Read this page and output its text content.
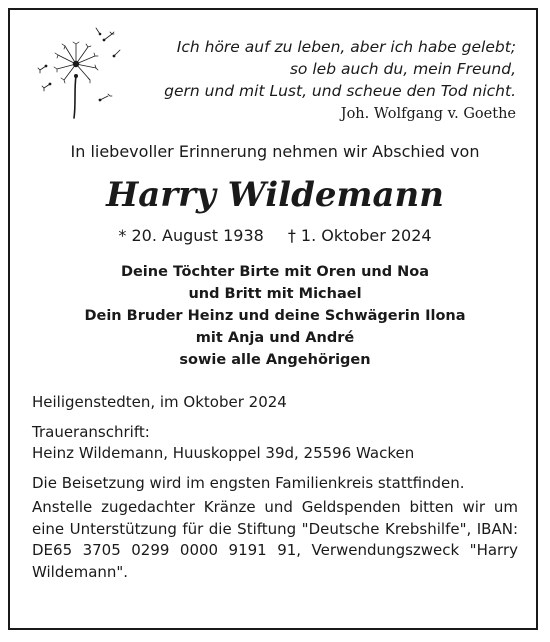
Ich höre auf zu leben, aber ich habe gelebt;
so leb auch du, mein Freund,
gern und mit Lust, und scheue den Tod nicht.
Joh. Wolfgang v. Goethe
In liebevoller Erinnerung nehmen wir Abschied von
Harry Wildemann
* 20. August 1938 † 1. Oktober 2024
Deine Töchter Birte mit Oren und Noa
und Britt mit Michael
Dein Bruder Heinz und deine Schwägerin Ilona
mit Anja und André
sowie alle Angehörigen

Heiligenstedten, im Oktober 2024

Traueranschrift:

Heinz Wildemann, Huuskoppel 39d, 25596 Wacken

Die Beisetzung wird im engsten Familienkreis stattfinden.

Anstelle zugedachter Kränze und Geldspenden bitten wir um eine Unterstützung für die Stiftung "Deutsche Krebshilfe", IBAN: DE65 3705 0299 0000 9191 91, Verwendungszweck "Harry Wildemann".
